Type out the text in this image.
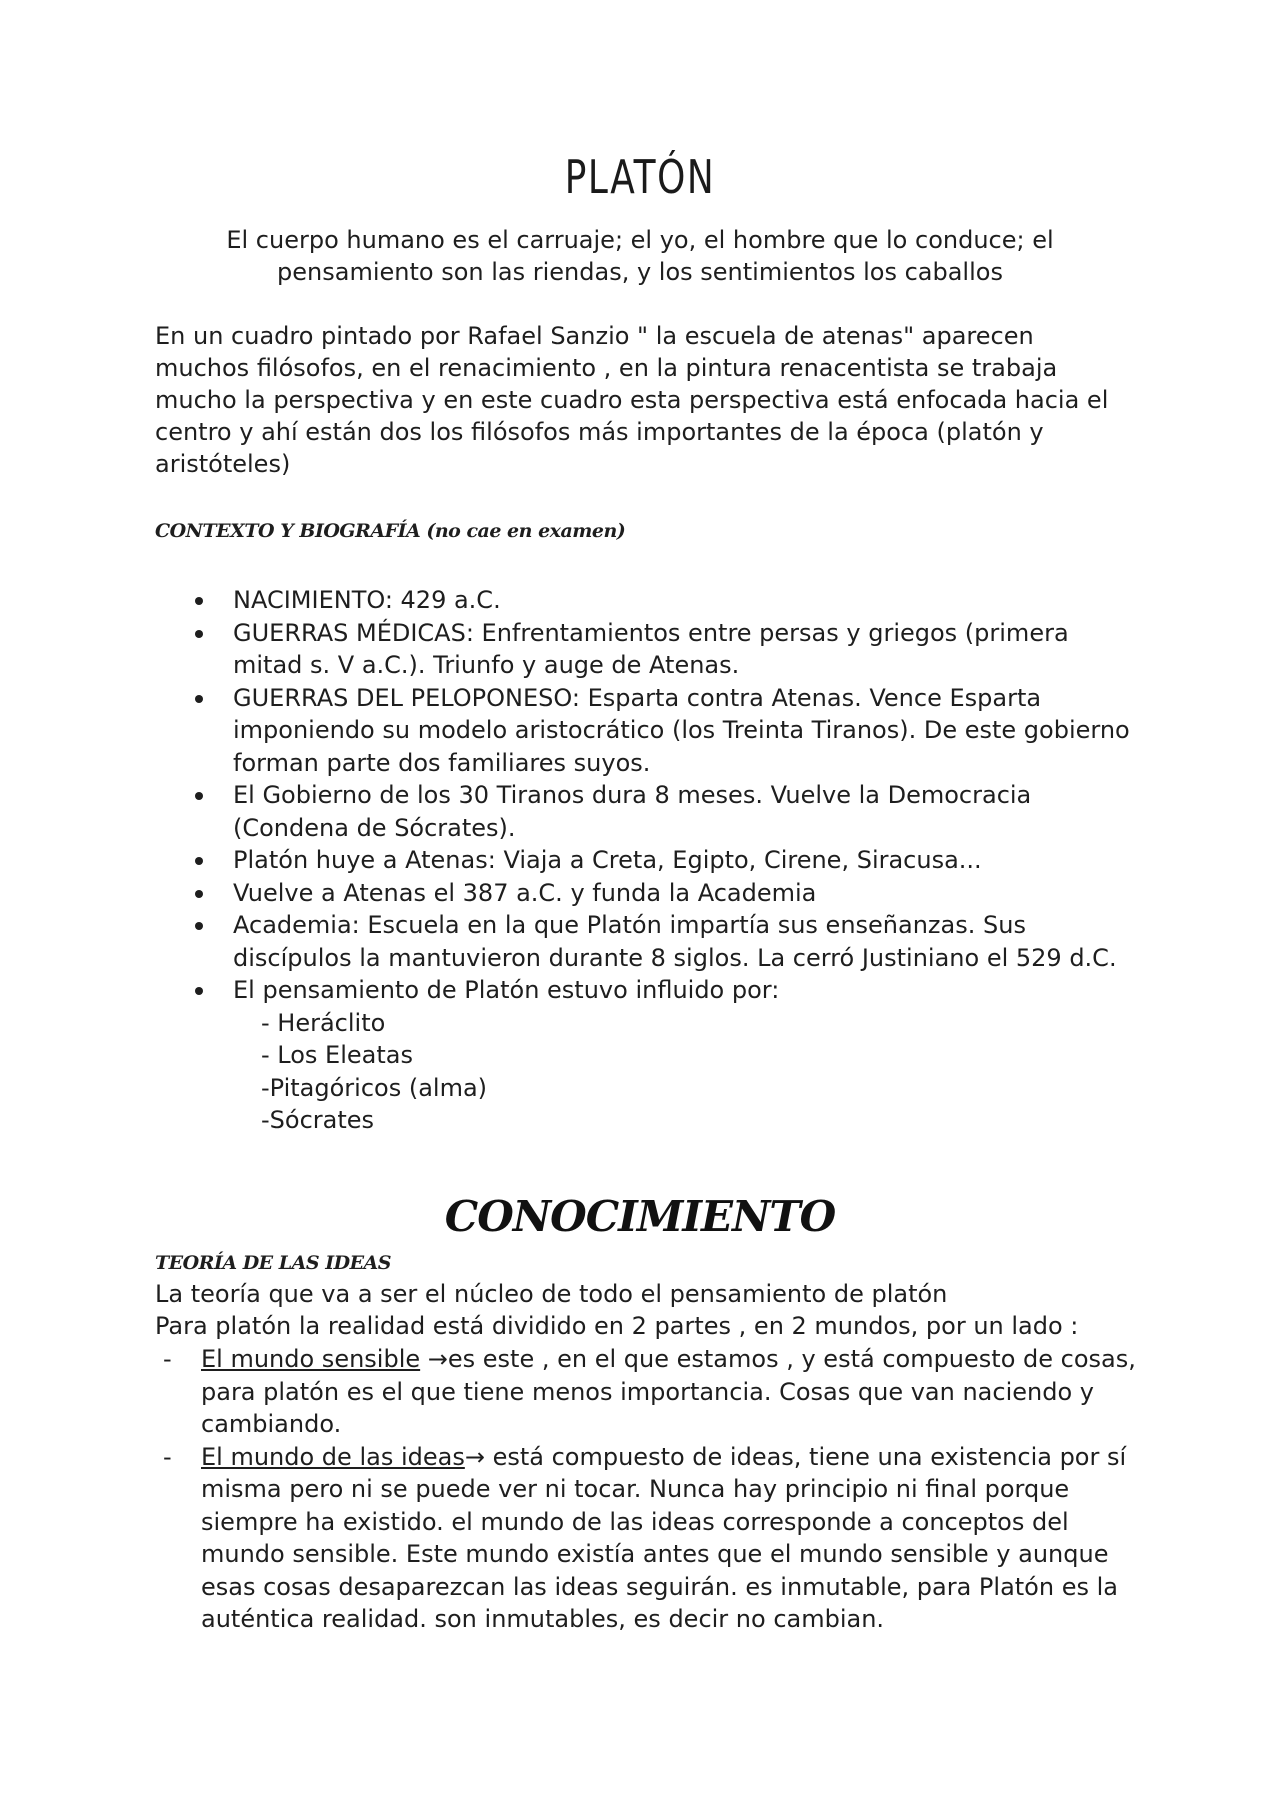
PLATÓN
El cuerpo humano es el carruaje; el yo, el hombre que lo conduce; el pensamiento son las riendas, y los sentimientos los caballos
En un cuadro pintado por Rafael Sanzio " la escuela de atenas" aparecen muchos filósofos, en el renacimiento , en la pintura renacentista se trabaja mucho la perspectiva y en este cuadro esta perspectiva está enfocada hacia el centro y ahí están dos los filósofos más importantes de la época (platón y aristóteles)
CONTEXTO Y BIOGRAFÍA (no cae en examen)
NACIMIENTO: 429 a.C.
GUERRAS MÉDICAS: Enfrentamientos entre persas y griegos (primera mitad s. V a.C.). Triunfo y auge de Atenas.
GUERRAS DEL PELOPONESO: Esparta contra Atenas. Vence Esparta imponiendo su modelo aristocrático (los Treinta Tiranos). De este gobierno forman parte dos familiares suyos.
El Gobierno de los 30 Tiranos dura 8 meses. Vuelve la Democracia (Condena de Sócrates).
Platón huye a Atenas: Viaja a Creta, Egipto, Cirene, Siracusa...
Vuelve a Atenas el 387 a.C. y funda la Academia
Academia: Escuela en la que Platón impartía sus enseñanzas. Sus discípulos la mantuvieron durante 8 siglos. La cerró Justiniano el 529 d.C.
El pensamiento de Platón estuvo influido por:
- Heráclito
- Los Eleatas
-Pitagóricos (alma)
-Sócrates
CONOCIMIENTO
TEORÍA DE LAS IDEAS
La teoría que va a ser el núcleo de todo el pensamiento de platón
Para platón la realidad está dividido en 2 partes , en 2 mundos, por un lado :
- El mundo sensible →es este , en el que estamos , y está compuesto de cosas, para platón es el que tiene menos importancia. Cosas que van naciendo y cambiando.
- El mundo de las ideas→ está compuesto de ideas, tiene una existencia por sí misma pero ni se puede ver ni tocar. Nunca hay principio ni final porque siempre ha existido. el mundo de las ideas corresponde a conceptos del mundo sensible. Este mundo existía antes que el mundo sensible y aunque esas cosas desaparezcan las ideas seguirán. es inmutable, para Platón es la auténtica realidad. son inmutables, es decir no cambian.
